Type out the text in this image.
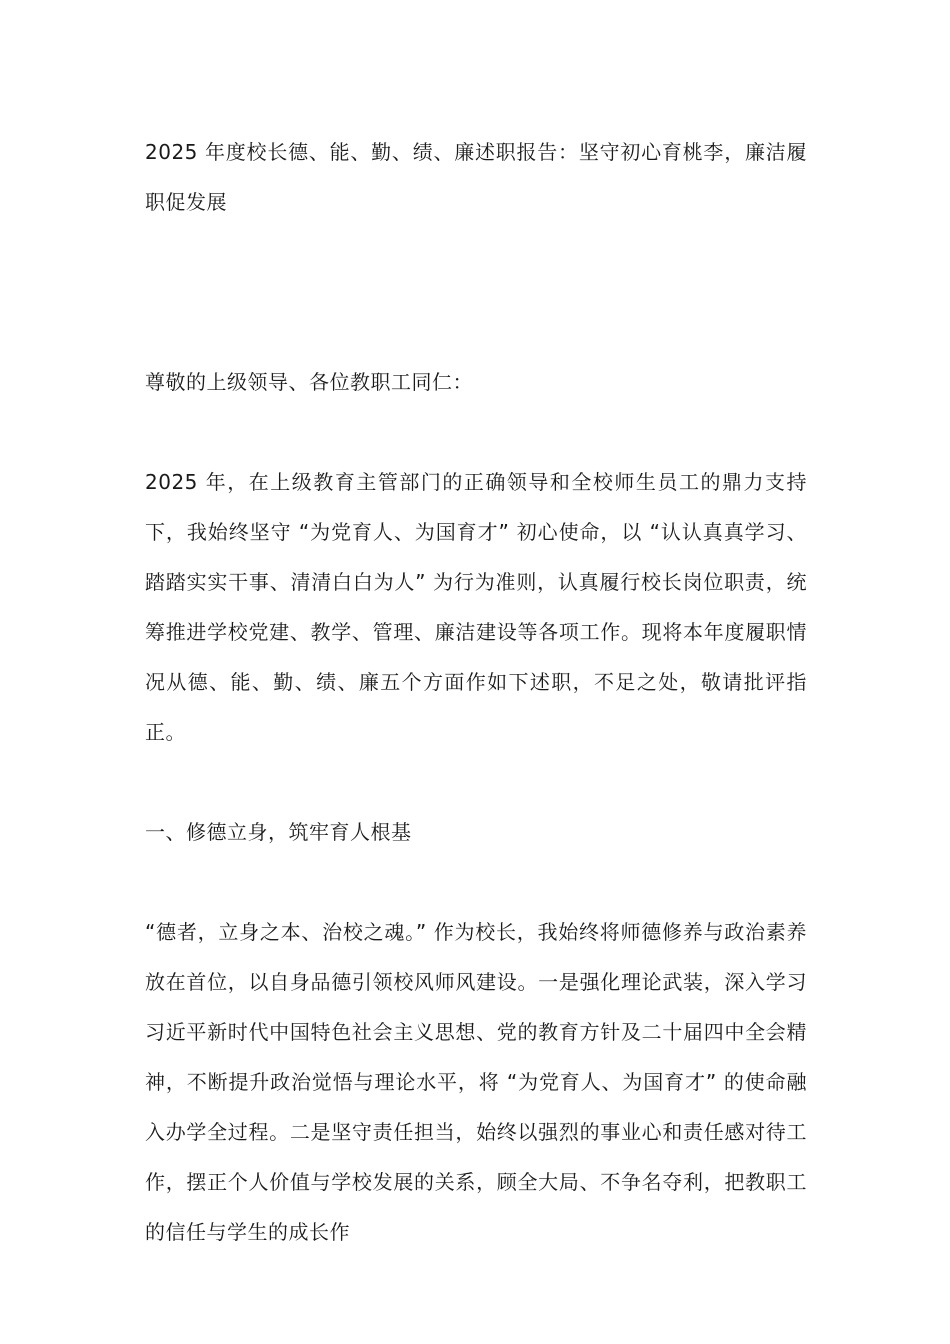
2025 年度校长德、能、勤、绩、廉述职报告：坚守初心育桃李，廉洁履职促发展

尊敬的上级领导、各位教职工同仁：

2025 年，在上级教育主管部门的正确领导和全校师生员工的鼎力支持下，我始终坚守 “为党育人、为国育才” 初心使命，以 “认认真真学习、踏踏实实干事、清清白白为人” 为行为准则，认真履行校长岗位职责，统筹推进学校党建、教学、管理、廉洁建设等各项工作。现将本年度履职情况从德、能、勤、绩、廉五个方面作如下述职，不足之处，敬请批评指正。

一、修德立身，筑牢育人根基

“德者，立身之本、治校之魂。” 作为校长，我始终将师德修养与政治素养放在首位，以自身品德引领校风师风建设。一是强化理论武装，深入学习习近平新时代中国特色社会主义思想、党的教育方针及二十届四中全会精神，不断提升政治觉悟与理论水平，将 “为党育人、为国育才” 的使命融入办学全过程。二是坚守责任担当，始终以强烈的事业心和责任感对待工作，摆正个人价值与学校发展的关系，顾全大局、不争名夺利，把教职工的信任与学生的成长作
